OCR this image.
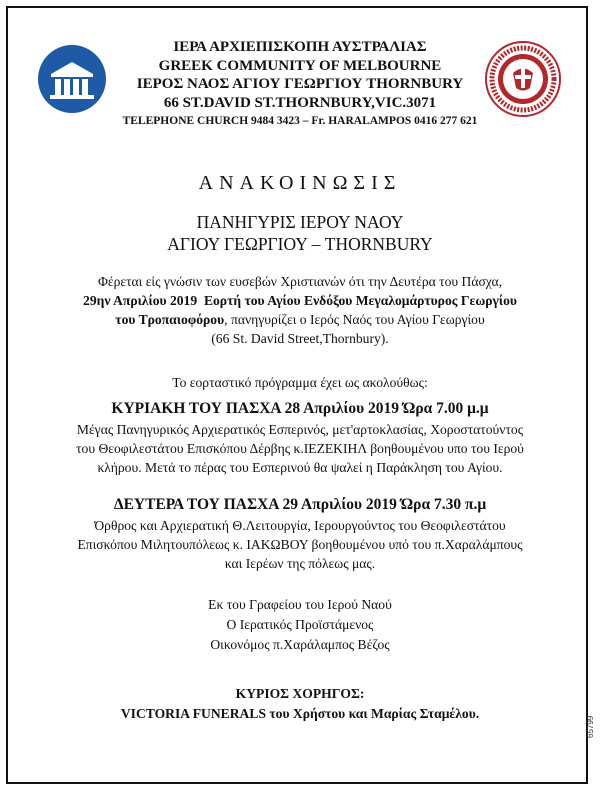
ΙΕΡΑ ΑΡΧΙΕΠΙΣΚΟΠΗ ΑΥΣΤΡΑΛΙΑΣ
GREEK COMMUNITY OF MELBOURNE
ΙΕΡΟΣ ΝΑΟΣ ΑΓΙΟΥ ΓΕΩΡΓΙΟΥ THORNBURY
66 ST.DAVID ST.THORNBURY,VIC.3071
TELEPHONE CHURCH 9484 3423 – Fr. HARALAMPOS 0416 277 621
ΑΝΑΚΟΙΝΩΣΙΣ
ΠΑΝΗΓΥΡΙΣ ΙΕΡΟΥ ΝΑΟΥ
ΑΓΙΟΥ ΓΕΩΡΓΙΟΥ – THORNBURY
Φέρεται εἰς γνώσιν των ευσεβών Χριστιανών ότι την Δευτέρα του Πάσχα,
29ην Απριλίου 2019 Εορτή του Αγίου Ενδόξου Μεγαλομάρτυρος Γεωργίου
του Τροπαιοφόρου, πανηγυρίζει ο Ιερός Ναός του Αγίου Γεωργίου
(66 St. David Street,Thornbury).
Το εορταστικό πρόγραμμα έχει ως ακολούθως:
ΚΥΡΙΑΚΗ ΤΟΥ ΠΑΣΧΑ 28 Απριλίου 2019 Ώρα 7.00 μ.μ
Μέγας Πανηγυρικός Αρχιερατικός Εσπερινός, μετ'αρτοκλασίας, Χοροστατούντος
του Θεοφιλεστάτου Επισκόπου Δέρβης κ.ΙΕΖΕΚΙΗΛ βοηθουμένου υπο του Ιερού
κλήρου. Μετά το πέρας του Εσπερινού θα ψαλεί η Παράκληση του Αγίου.
ΔΕΥΤΕΡΑ ΤΟΥ ΠΑΣΧΑ 29 Απριλίου 2019 Ώρα 7.30 π.μ
Όρθρος και Αρχιερατική Θ.Λειτουργία, Ιερουργούντος του Θεοφιλεστάτου
Επισκόπου Μιλητουπόλεως κ. ΙΑΚΩΒΟΥ βοηθουμένου υπό του π.Χαραλάμπους
και Ιερέων της πόλεως μας.
Εκ του Γραφείου του Ιερού Ναού
Ο Ιερατικός Προϊστάμενος
Οικονόμος π.Χαράλαμπος Βέζος
ΚΥΡΙΟΣ ΧΟΡΗΓΟΣ:
VICTORIA FUNERALS του Χρήστου και Μαρίας Σταμέλου.
65799
